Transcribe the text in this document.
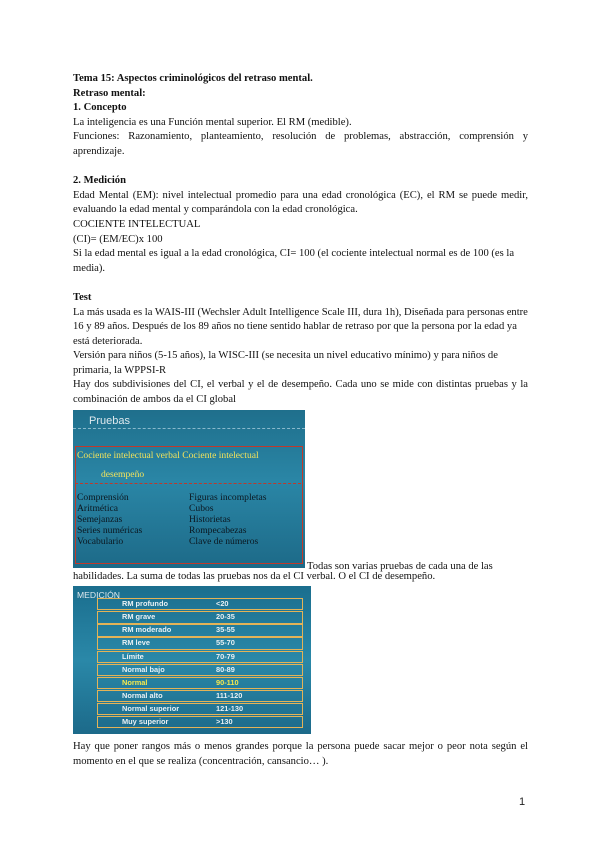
Tema 15: Aspectos criminológicos del retraso mental.

Retraso mental:

1. Concepto

La inteligencia es una Función mental superior. El RM (medible).

Funciones: Razonamiento, planteamiento, resolución de problemas, abstracción, comprensión y aprendizaje.

2. Medición

Edad Mental (EM): nivel intelectual promedio para una edad cronológica (EC), el RM se puede medir, evaluando la edad mental y comparándola con la edad cronológica.

COCIENTE INTELECTUAL

(CI)= (EM/EC)x 100

Si la edad mental es igual a la edad cronológica, CI= 100 (el cociente intelectual normal es de 100 (es la media).

Test

La más usada es la WAIS-III (Wechsler Adult Intelligence Scale III, dura 1h), Diseñada para personas entre 16 y 89 años. Después de los 89 años no tiene sentido hablar de retraso por que la persona por la edad ya está deteriorada.

Versión para niños (5-15 años), la WISC-III (se necesita un nivel educativo mínimo) y para niños de primaria, la WPPSI-R

Hay dos subdivisiones del CI, el verbal y el de desempeño. Cada uno se mide con distintas pruebas y la combinación de ambos da el CI global

Pruebas
Cociente intelectual verbal Cociente intelectual
desempeño
Comprensión	Figuras incompletas
Aritmética	Cubos
Semejanzas	Historietas
Series numéricas	Rompecabezas
Vocabulario	Clave de números
Todas son varias pruebas de cada una de las

habilidades. La suma de todas las pruebas nos da el CI verbal. O el CI de desempeño.

MEDICIÓN
RM profundo	<20
RM grave	20-35
RM moderado	35-55
RM leve	55-70
Límite	70-79
Normal bajo	80-89
Normal	90-110
Normal alto	111-120
Normal superior	121-130
Muy superior	>130

Hay que poner rangos más o menos grandes porque la persona puede sacar mejor o peor nota según el momento en el que se realiza (concentración, cansancio… ).

1
